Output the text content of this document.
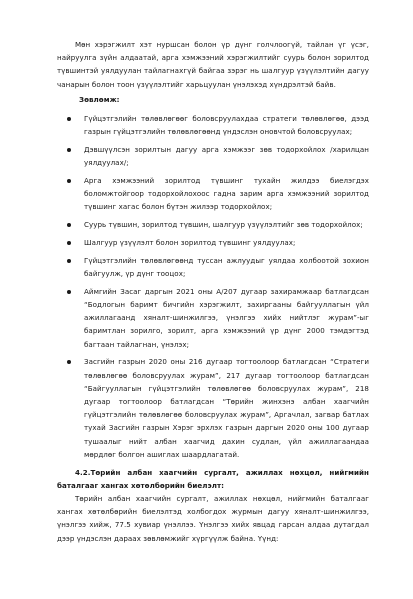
Мөн хэрэгжилт хэт нуршсан болон үр дүнг голчлоогүй, тайлан үг үсэг, найруулга зүйн алдаатай, арга хэмжээний хэрэгжилтийг суурь болон зорилтод түвшинтэй уялдуулан тайлагнахгүй байгаа зэрэг нь шалгуур үзүүлэлтийн дагуу чанарын болон тоон үзүүлэлтийг харьцуулан үнэлэхэд хүндрэлтэй байв.

Зөвлөмж:

Гүйцэтгэлийн төлөвлөгөөг боловсруулахдаа стратеги төлөвлөгөө, дээд газрын гүйцэтгэлийн төлөвлөгөөнд үндэслэн оновчтой боловсруулах;
Дэвшүүлсэн зорилтын дагуу арга хэмжээг зөв тодорхойлох /харилцан уялдуулах/;
Арга хэмжээний зорилтод түвшинг тухайн жилдээ биелэгдэх боломжтойгоор тодорхойлохоос гадна зарим арга хэмжээний зорилтод түвшинг хагас болон бүтэн жилээр тодорхойлох;
Суурь түвшин, зорилтод түвшин, шалгуур үзүүлэлтийг зөв тодорхойлох;
Шалгуур үзүүлэлт болон зорилтод түвшинг уялдуулах;
Гүйцэтгэлийн төлөвлөгөөнд туссан ажлуудыг уялдаа холбоотой зохион байгуулж, үр дүнг тооцох;
Аймгийн Засаг даргын 2021 оны А/207 дугаар захирамжаар батлагдсан “Бодлогын баримт бичгийн хэрэгжилт, захиргааны байгууллагын үйл ажиллагаанд хяналт-шинжилгээ, үнэлгээ хийх нийтлэг журам”-ыг баримтлан зорилго, зорилт, арга хэмжээний үр дүнг 2000 тэмдэгтэд багтаан тайлагнан, үнэлэх;
Засгийн газрын 2020 оны 216 дугаар тогтоолоор батлагдсан “Стратеги төлөвлөгөө боловсруулах журам”, 217 дугаар тогтоолоор батлагдсан “Байгууллагын гүйцэтгэлийн төлөвлөгөө боловсруулах журам”, 218 дугаар тогтоолоор батлагдсан “Төрийн жинхэнэ албан хаагчийн гүйцэтгэлийн төлөвлөгөө боловсруулах журам”, Аргачлал, загвар батлах тухай Засгийн газрын Хэрэг эрхлэх газрын даргын 2020 оны 100 дугаар тушаалыг нийт албан хаагчид дахин судлан, үйл ажиллагаандаа мөрдлөг болгон ашиглах шаардлагатай.

4.2.Төрийн албан хаагчийн сургалт, ажиллах нөхцөл, нийгмийн баталгааг хангах хөтөлбөрийн биелэлт:

Төрийн албан хаагчийн сургалт, ажиллах нөхцөл, нийгмийн баталгааг хангах хөтөлбөрийн биелэлтэд холбогдох журмын дагуу хяналт-шинжилгээ, үнэлгээ хийж, 77.5 хувиар үнэллээ. Үнэлгээ хийх явцад гарсан алдаа дутагдал дээр үндэслэн дараах зөвлөмжийг хүргүүлж байна. Үүнд:
